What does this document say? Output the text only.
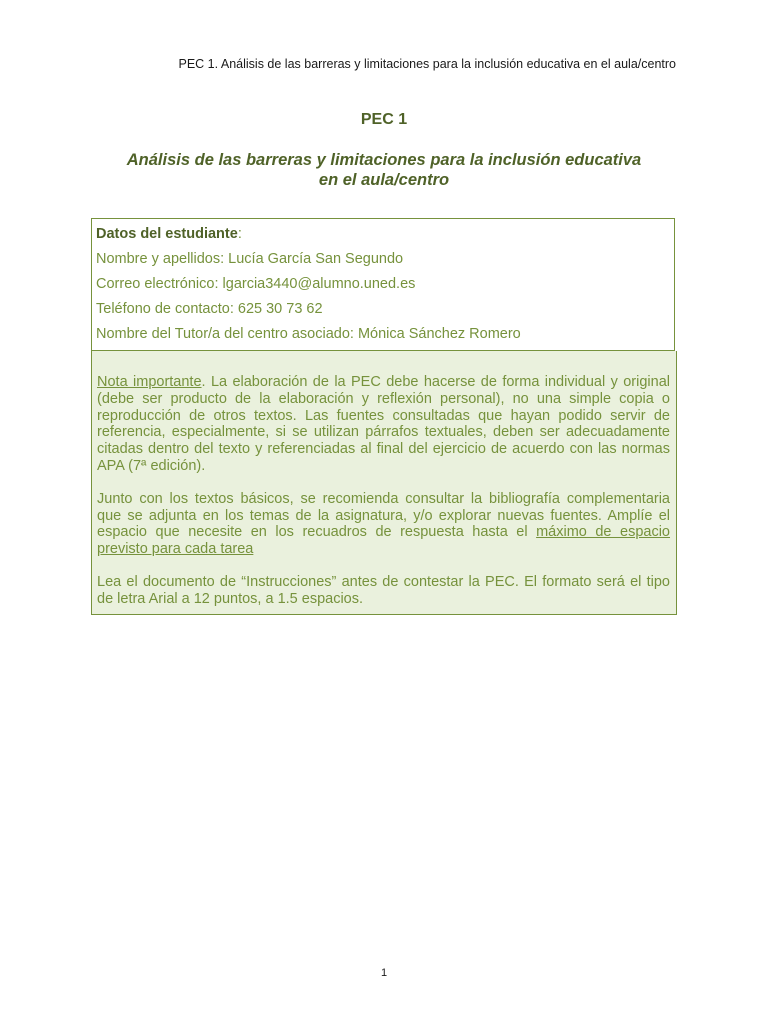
PEC 1. Análisis de las barreras y limitaciones para la inclusión educativa en el aula/centro
PEC 1
Análisis de las barreras y limitaciones para la inclusión educativa
en el aula/centro
Datos del estudiante:
Nombre y apellidos: Lucía García San Segundo
Correo electrónico: lgarcia3440@alumno.uned.es
Teléfono de contacto: 625 30 73 62
Nombre del Tutor/a del centro asociado: Mónica Sánchez Romero

Nota importante. La elaboración de la PEC debe hacerse de forma individual y original (debe ser producto de la elaboración y reflexión personal), no una simple copia o reproducción de otros textos. Las fuentes consultadas que hayan podido servir de referencia, especialmente, si se utilizan párrafos textuales, deben ser adecuadamente citadas dentro del texto y referenciadas al final del ejercicio de acuerdo con las normas APA (7ª edición).

Junto con los textos básicos, se recomienda consultar la bibliografía complementaria que se adjunta en los temas de la asignatura, y/o explorar nuevas fuentes. Amplíe el espacio que necesite en los recuadros de respuesta hasta el máximo de espacio previsto para cada tarea

Lea el documento de “Instrucciones” antes de contestar la PEC. El formato será el tipo de letra Arial a 12 puntos, a 1.5 espacios.

1
